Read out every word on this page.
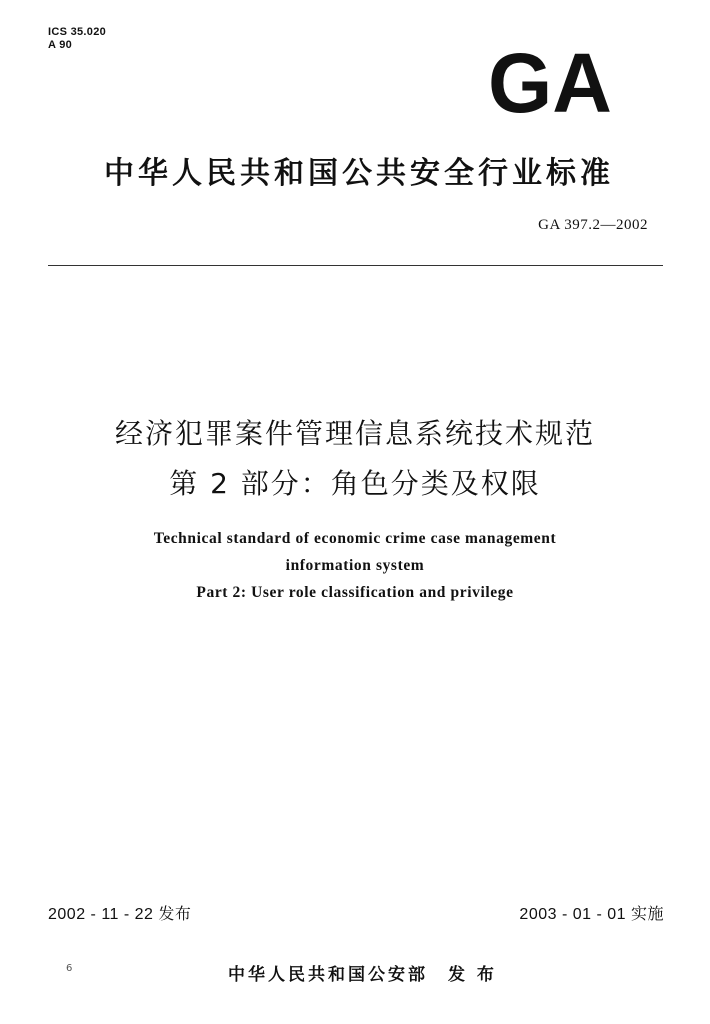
ICS 35.020
A 90	GA
中华人民共和国公共安全行业标准
GA 397.2—2002
经济犯罪案件管理信息系统技术规范
第 2 部分：角色分类及权限
Technical standard of economic crime case management
information system
Part 2: User role classification and privilege
2002 - 11 - 22 发布	2003 - 01 - 01 实施
6	中华人民共和国公安部　发 布
